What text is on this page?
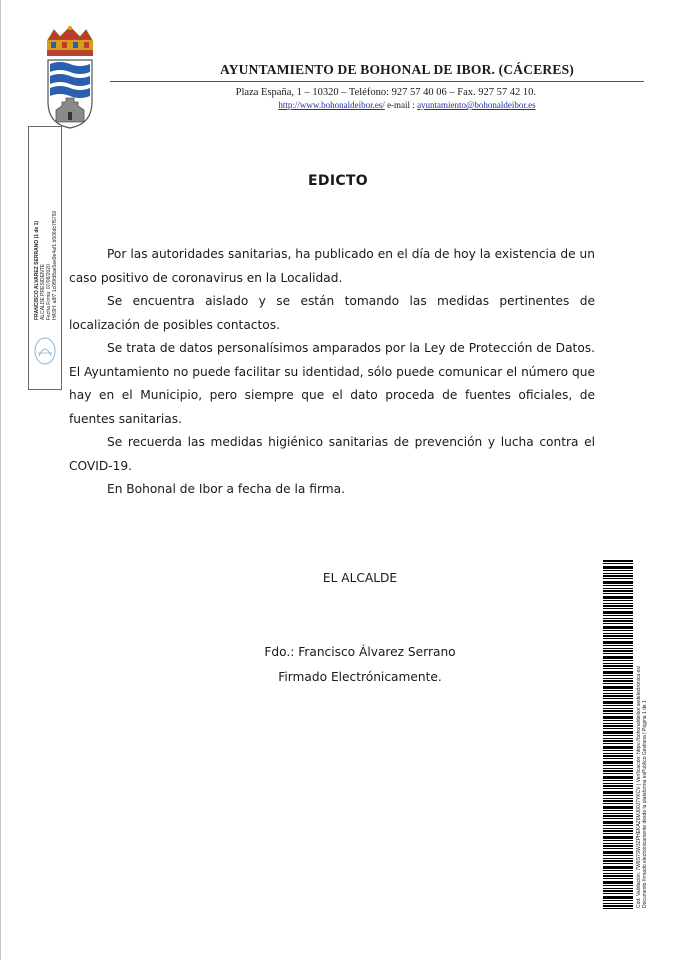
AYUNTAMIENTO DE BOHONAL DE IBOR. (CÁCERES)
Plaza España, 1 – 10320 – Teléfono: 927 57 40 06 – Fax. 927 57 42 10.
http://www.bohonaldeibor.es/ e-mail : ayuntamiento@bohonaldeibor.es
FRANCISCO ALVAREZ SERRANO (1 de 1) ALCALDE PRESIDENTE Fecha Firma: 07/08/2020 HASH: a8f7 1c0f9fd8ae5ee9e4af1 b506dc7f5750
EDICTO

Por las autoridades sanitarias, ha publicado en el día de hoy la existencia de un caso positivo de coronavirus en la Localidad.

Se encuentra aislado y se están tomando las medidas pertinentes de localización de posibles contactos.

Se trata de datos personalísimos amparados por la Ley de Protección de Datos. El Ayuntamiento no puede facilitar su identidad, sólo puede comunicar el número que hay en el Municipio, pero siempre que el dato proceda de fuentes oficiales, de fuentes sanitarias.

Se recuerda las medidas higiénico sanitarias de prevención y lucha contra el COVID-19.

En Bohonal de Ibor a fecha de la firma.

EL ALCALDE
Fdo.: Francisco Álvarez Serrano
Firmado Electrónicamente.	Cód. Validación: 7W9S7SW3ZPHEKAZ6MJ00J7YKCV | Verificación: https://bohonaldeibor.sedelectronica.es/ Documento firmado electrónicamente desde la plataforma esPublico Gestiona | Página 1 de 1
